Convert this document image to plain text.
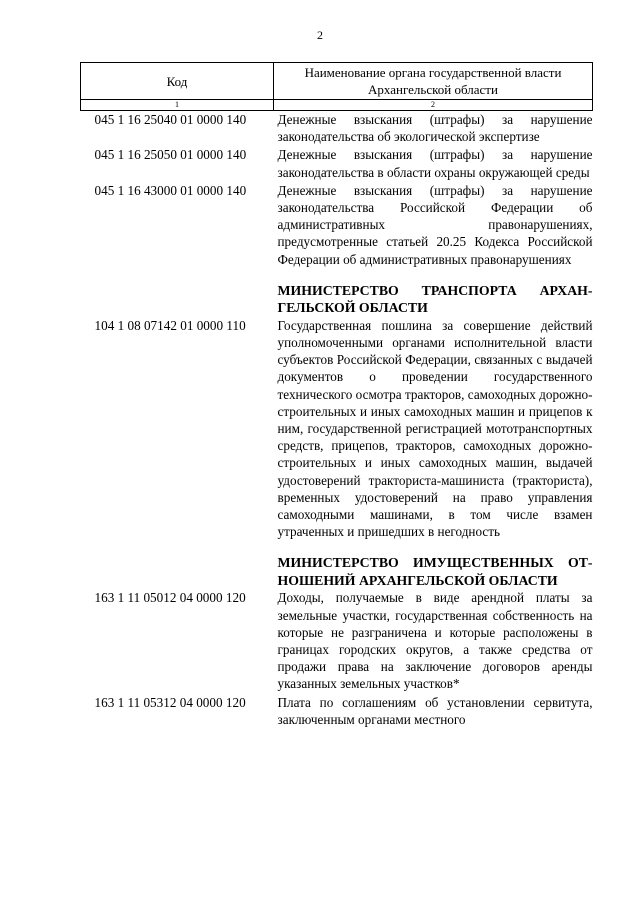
2
Код	Наименование органа государственной власти Архангельской области
1	2
045 1 16 25040 01 0000 140	Денежные взыскания (штрафы) за нарушение законодательства об экологической экспертизе
045 1 16 25050 01 0000 140	Денежные взыскания (штрафы) за нарушение законодательства в области охраны окружающей среды
045 1 16 43000 01 0000 140	Денежные взыскания (штрафы) за нарушение законодательства Российской Федерации об административных правонарушениях, предусмотренные статьей 20.25 Кодекса Российской Федерации об административных правонарушениях

	МИНИСТЕРСТВО ТРАНСПОРТА АРХАН-ГЕЛЬСКОЙ ОБЛАСТИ
104 1 08 07142 01 0000 110	Государственная пошлина за совершение действий уполномоченными органами исполнительной власти субъектов Российской Федерации, связанных с выдачей документов о проведении государственного технического осмотра тракторов, самоходных дорожно-строительных и иных самоходных машин и прицепов к ним, государственной регистрацией мототранспортных средств, прицепов, тракторов, самоходных дорожно-строительных и иных самоходных машин, выдачей удостоверений тракториста-машиниста (тракториста), временных удостоверений на право управления самоходными машинами, в том числе взамен утраченных и пришедших в негодность

	МИНИСТЕРСТВО ИМУЩЕСТВЕННЫХ ОТ-НОШЕНИЙ АРХАНГЕЛЬСКОЙ ОБЛАСТИ
163 1 11 05012 04 0000 120	Доходы, получаемые в виде арендной платы за земельные участки, государственная собственность на которые не разграничена и которые расположены в границах городских округов, а также средства от продажи права на заключение договоров аренды указанных земельных участков*
163 1 11 05312 04 0000 120	Плата по соглашениям об установлении сервитута, заключенным органами местного
